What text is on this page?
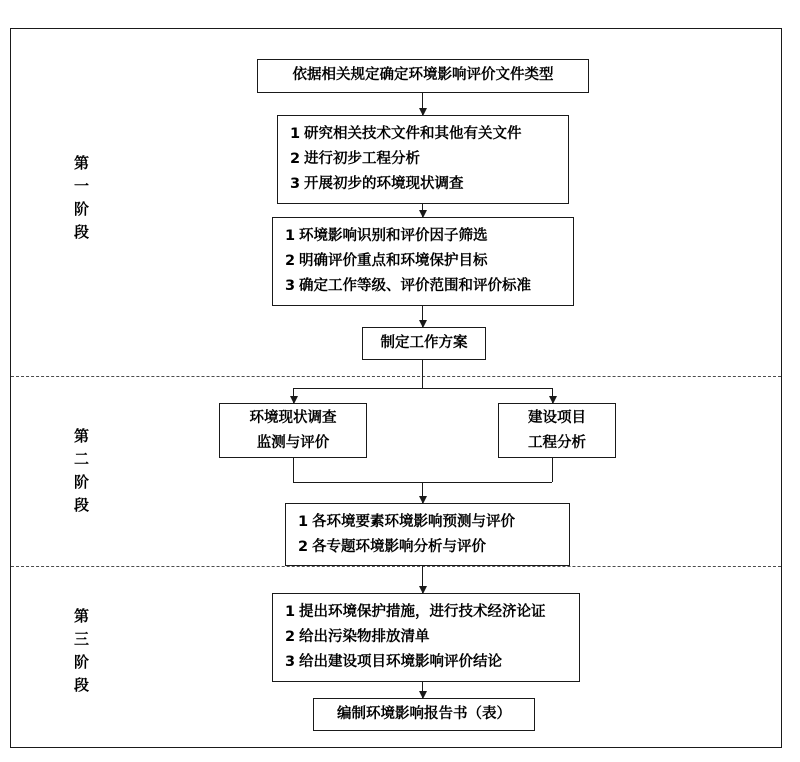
第
一
阶
段
第
二
阶
段
第
三
阶
段
依据相关规定确定环境影响评价文件类型
1 研究相关技术文件和其他有关文件
2 进行初步工程分析
3 开展初步的环境现状调查
1 环境影响识别和评价因子筛选
2 明确评价重点和环境保护目标
3 确定工作等级、评价范围和评价标准
制定工作方案
环境现状调查
监测与评价
建设项目
工程分析
1 各环境要素环境影响预测与评价
2 各专题环境影响分析与评价
1 提出环境保护措施，进行技术经济论证
2 给出污染物排放清单
3 给出建设项目环境影响评价结论
编制环境影响报告书（表）
